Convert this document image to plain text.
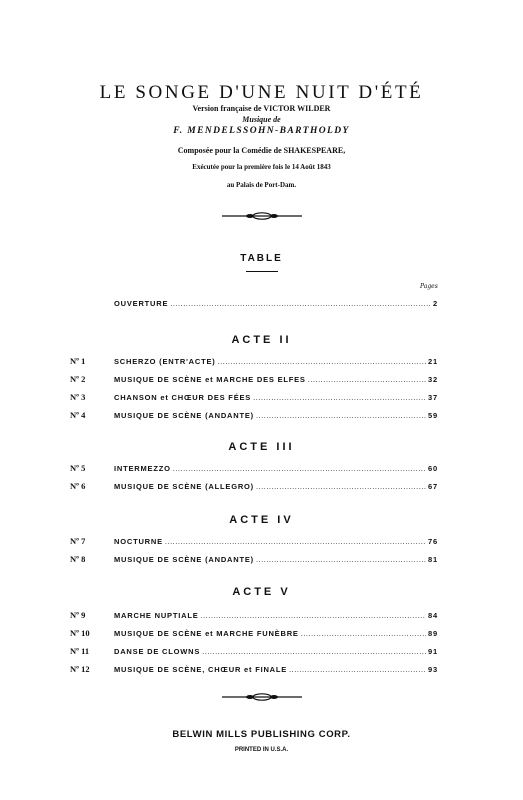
LE SONGE D'UNE NUIT D'ÉTÉ
Version française de VICTOR WILDER
Musique de
F. MENDELSSOHN-BARTHOLDY
Composée pour la Comédie de SHAKESPEARE,
Exécutée pour la première fois le 14 Août 1843
au Palais de Port-Dam.
TABLE
Pages
OUVERTURE .....	2
ACTE II
Nº 1	SCHERZO (ENTR'ACTE) .....	21
Nº 2	MUSIQUE DE SCÈNE et MARCHE DES ELFES .....	32
Nº 3	CHANSON et CHŒUR DES FÉES .....	37
Nº 4	MUSIQUE DE SCÈNE (ANDANTE) .....	59
ACTE III
Nº 5	INTERMEZZO .....	60
Nº 6	MUSIQUE DE SCÈNE (ALLEGRO) .....	67
ACTE IV
Nº 7	NOCTURNE .....	76
Nº 8	MUSIQUE DE SCÈNE (ANDANTE) .....	81
ACTE V
Nº 9	MARCHE NUPTIALE .....	84
Nº 10	MUSIQUE DE SCÈNE et MARCHE FUNÈBRE .....	89
Nº 11	DANSE DE CLOWNS .....	91
Nº 12	MUSIQUE DE SCÈNE, CHŒUR et FINALE .....	93
BELWIN MILLS PUBLISHING CORP.
PRINTED IN U.S.A.
